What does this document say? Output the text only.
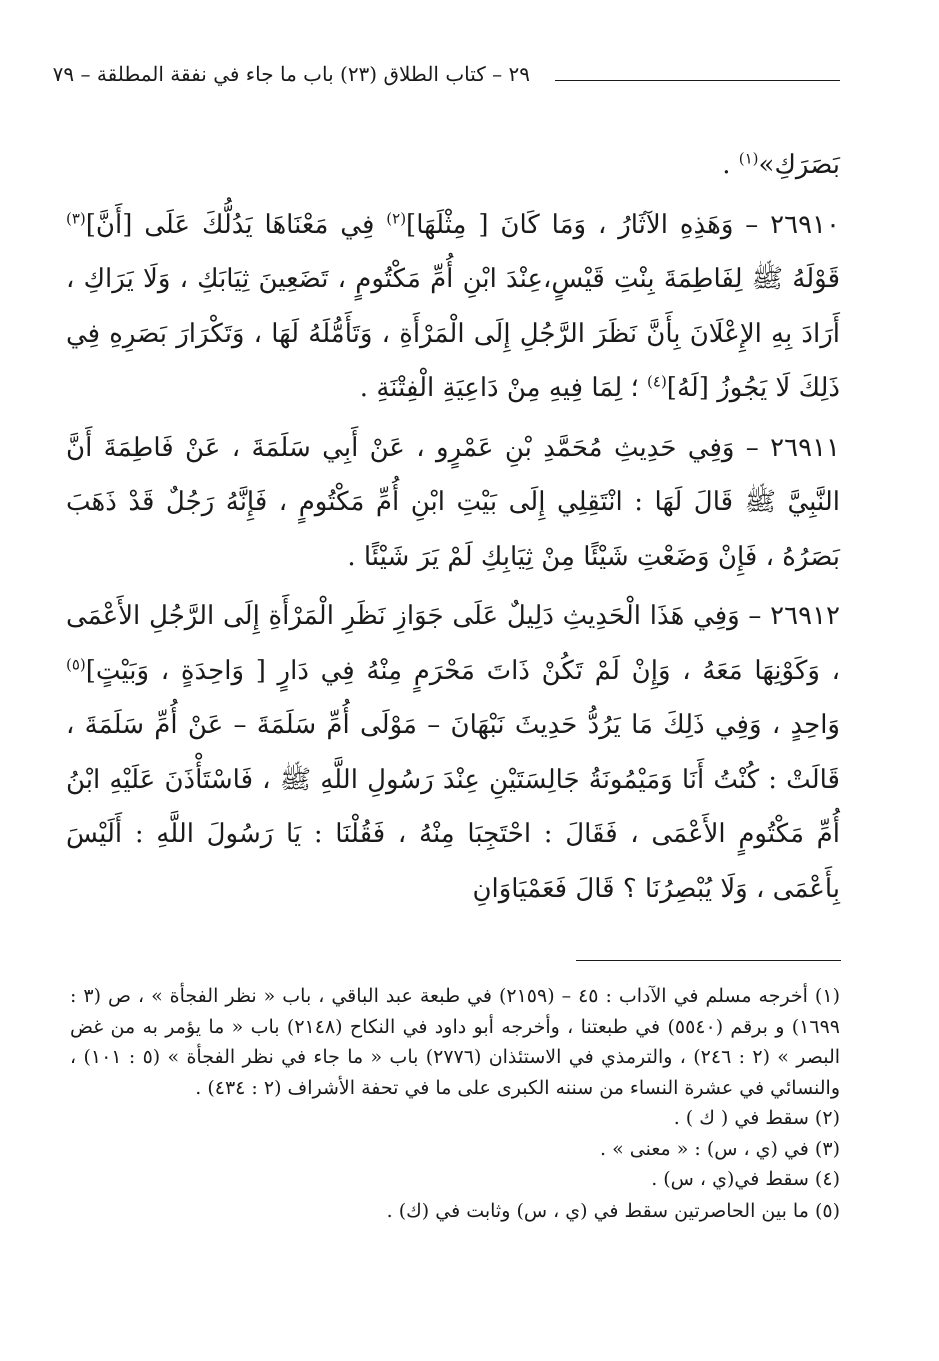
٢٩ – كتاب الطلاق (٢٣) باب ما جاء في نفقة المطلقة – ٧٩

بَصَرَكِ»$^{(١)}$ .

٢٦٩١٠ – وَهَذِهِ الآثَارُ ، وَمَا كَانَ [ مِثْلَهَا]$^{(٢)}$ فِي مَعْنَاهَا يَدُلُّكَ عَلَى [أَنَّ]$^{(٣)}$ قَوْلَهُ ﷺ لِفَاطِمَةَ بِنْتِ قَيْسٍ،عِنْدَ ابْنِ أُمِّ مَكْتُومٍ ، تَضَعِينَ ثِيَابَكِ ، وَلَا يَرَاكِ ، أَرَادَ بِهِ الإِعْلَانَ بِأَنَّ نَظَرَ الرَّجُلِ إِلَى الْمَرْأَةِ ، وَتَأَمُّلَهُ لَهَا ، وَتَكْرَارَ بَصَرِهِ فِي ذَلِكَ لَا يَجُوزُ [لَهُ]$^{(٤)}$ ؛ لِمَا فِيهِ مِنْ دَاعِيَةِ الْفِتْنَةِ .

٢٦٩١١ – وَفِي حَدِيثِ مُحَمَّدِ بْنِ عَمْرٍو ، عَنْ أَبِي سَلَمَةَ ، عَنْ فَاطِمَةَ أَنَّ النَّبِيَّ ﷺ قَالَ لَهَا : انْتَقِلِي إِلَى بَيْتِ ابْنِ أُمِّ مَكْتُومٍ ، فَإِنَّهُ رَجُلٌ قَدْ ذَهَبَ بَصَرُهُ ، فَإِنْ وَضَعْتِ شَيْئًا مِنْ ثِيَابِكِ لَمْ يَرَ شَيْئًا .

٢٦٩١٢ – وَفِي هَذَا الْحَدِيثِ دَلِيلٌ عَلَى جَوَازِ نَظَرِ الْمَرْأَةِ إِلَى الرَّجُلِ الأَعْمَى ، وَكَوْنِهَا مَعَهُ ، وَإِنْ لَمْ تَكُنْ ذَاتَ مَحْرَمٍ مِنْهُ فِي دَارٍ [ وَاحِدَةٍ ، وَبَيْتٍ]$^{(٥)}$ وَاحِدٍ ، وَفِي ذَلِكَ مَا يَرُدُّ حَدِيثَ نَبْهَانَ – مَوْلَى أُمِّ سَلَمَةَ – عَنْ أُمِّ سَلَمَةَ ، قَالَتْ : كُنْتُ أَنَا وَمَيْمُونَةُ جَالِسَتَيْنِ عِنْدَ رَسُولِ اللَّهِ ﷺ ، فَاسْتَأْذَنَ عَلَيْهِ ابْنُ أُمِّ مَكْتُومٍ الأَعْمَى ، فَقَالَ : احْتَجِبَا مِنْهُ ، فَقُلْنَا : يَا رَسُولَ اللَّهِ : أَلَيْسَ بِأَعْمَى ، وَلَا يُبْصِرُنَا ؟ قَالَ فَعَمْيَاوَانِ

(١) أخرجه مسلم في الآداب : ٤٥ – (٢١٥٩) في طبعة عبد الباقي ، باب « نظر الفجأة » ، ص (٣ : ١٦٩٩) و برقم (٥٥٤٠) في طبعتنا ، وأخرجه أبو داود في النكاح (٢١٤٨) باب « ما يؤمر به من غض البصر » (٢ : ٢٤٦) ، والترمذي في الاستئذان (٢٧٧٦) باب « ما جاء في نظر الفجأة » (٥ : ١٠١) ، والنسائي في عشرة النساء من سننه الكبرى على ما في تحفة الأشراف (٢ : ٤٣٤) .

(٢) سقط في ( ك ) .

(٣) في (ي ، س) : « معنى » .

(٤) سقط في(ي ، س) .

(٥) ما بين الحاصرتين سقط في (ي ، س) وثابت في (ك) .
